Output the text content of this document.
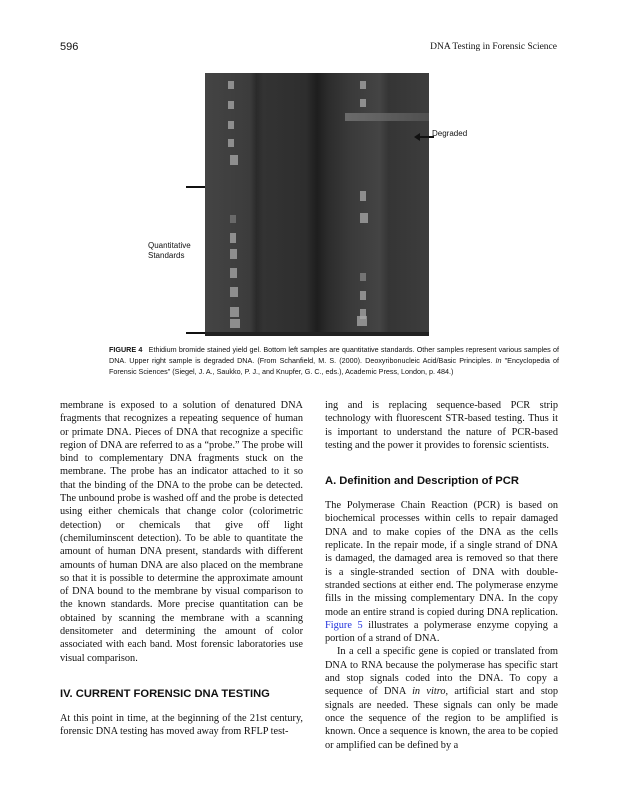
596	DNA Testing in Forensic Science
Quantitative Standards
Degraded
FIGURE 4 Ethidium bromide stained yield gel. Bottom left samples are quantitative standards. Other samples represent various samples of DNA. Upper right sample is degraded DNA. (From Schanfield, M. S. (2000). Deoxyribonucleic Acid/Basic Principles. In "Encyclopedia of Forensic Sciences" (Siegel, J. A., Saukko, P. J., and Knupfer, G. C., eds.), Academic Press, London, p. 484.)

membrane is exposed to a solution of denatured DNA fragments that recognizes a repeating sequence of human or primate DNA. Pieces of DNA that recognize a specific region of DNA are referred to as a “probe.” The probe will bind to complementary DNA fragments stuck on the membrane. The probe has an indicator attached to it so that the binding of the DNA to the probe can be detected. The unbound probe is washed off and the probe is detected using either chemicals that change color (colorimetric detection) or chemicals that give off light (chemiluminscent detection). To be able to quantitate the amount of human DNA present, standards with different amounts of human DNA are also placed on the membrane so that it is possible to determine the approximate amount of DNA bound to the membrane by visual comparison to the known standards. More precise quantitation can be obtained by scanning the membrane with a scanning densitometer and determining the amount of color associated with each band. Most forensic laboratories use visual comparison.

IV. CURRENT FORENSIC DNA TESTING

At this point in time, at the beginning of the 21st century, forensic DNA testing has moved away from RFLP test-

ing and is replacing sequence-based PCR strip technology with fluorescent STR-based testing. Thus it is important to understand the nature of PCR-based testing and the power it provides to forensic scientists.

A. Definition and Description of PCR

The Polymerase Chain Reaction (PCR) is based on biochemical processes within cells to repair damaged DNA and to make copies of the DNA as the cells replicate. In the repair mode, if a single strand of DNA is damaged, the damaged area is removed so that there is a single-stranded section of DNA with double-stranded sections at either end. The polymerase enzyme fills in the missing complementary DNA. In the copy mode an entire strand is copied during DNA replication. Figure 5 illustrates a polymerase enzyme copying a portion of a strand of DNA.

In a cell a specific gene is copied or translated from DNA to RNA because the polymerase has specific start and stop signals coded into the DNA. To copy a sequence of DNA in vitro, artificial start and stop signals are needed. These signals can only be made once the sequence of the region to be amplified is known. Once a sequence is known, the area to be copied or amplified can be defined by a
